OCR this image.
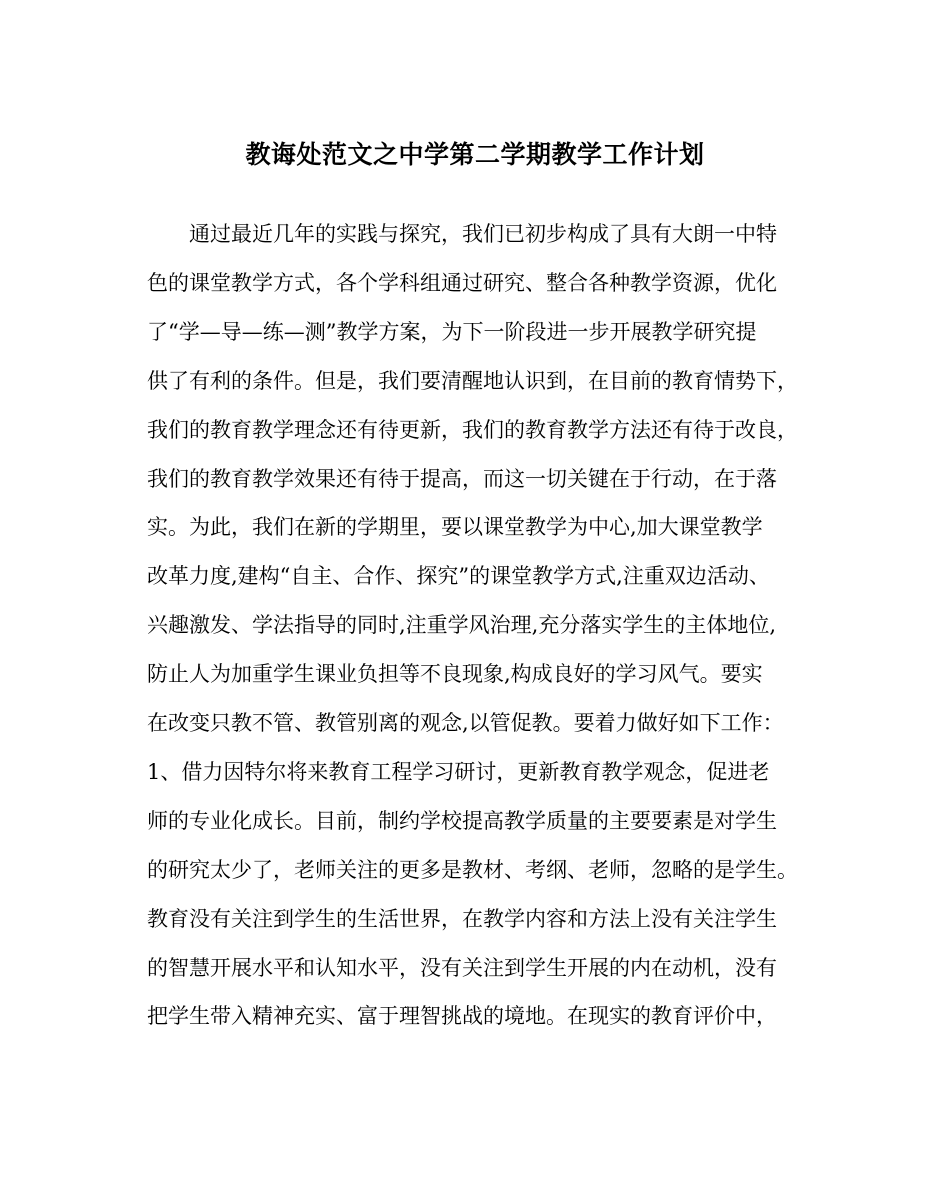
教诲处范文之中学第二学期教学工作计划
通过最近几年的实践与探究，我们已初步构成了具有大朗一中特
色的课堂教学方式，各个学科组通过研究、整合各种教学资源，优化
了“学—导—练—测”教学方案，为下一阶段进一步开展教学研究提
供了有利的条件。但是，我们要清醒地认识到，在目前的教育情势下，
我们的教育教学理念还有待更新，我们的教育教学方法还有待于改良，
我们的教育教学效果还有待于提高，而这一切关键在于行动，在于落
实。为此，我们在新的学期里，要以课堂教学为中心,加大课堂教学
改革力度,建构“自主、合作、探究”的课堂教学方式,注重双边活动、
兴趣激发、学法指导的同时,注重学风治理,充分落实学生的主体地位,
防止人为加重学生课业负担等不良现象,构成良好的学习风气。要实
在改变只教不管、教管别离的观念,以管促教。要着力做好如下工作：
1、借力因特尔将来教育工程学习研讨，更新教育教学观念，促进老
师的专业化成长。目前，制约学校提高教学质量的主要要素是对学生
的研究太少了，老师关注的更多是教材、考纲、老师，忽略的是学生。
教育没有关注到学生的生活世界，在教学内容和方法上没有关注学生
的智慧开展水平和认知水平，没有关注到学生开展的内在动机，没有
把学生带入精神充实、富于理智挑战的境地。在现实的教育评价中，
